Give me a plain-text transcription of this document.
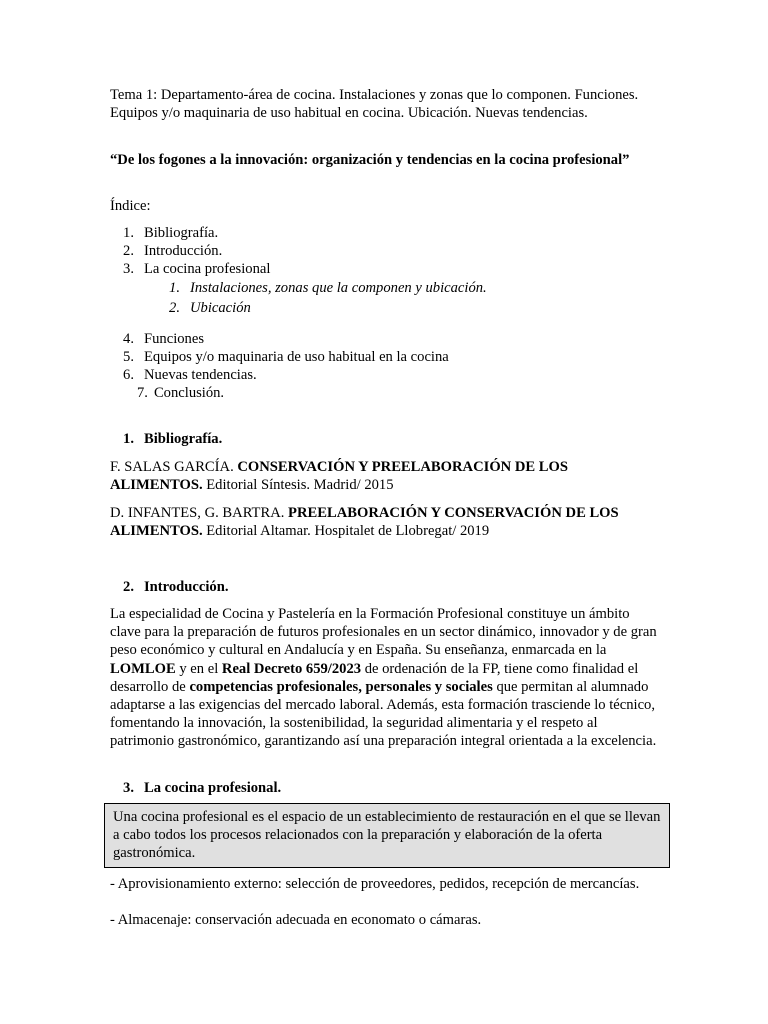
Tema 1: Departamento-área de cocina. Instalaciones y zonas que lo componen. Funciones. Equipos y/o maquinaria de uso habitual en cocina. Ubicación. Nuevas tendencias.

“De los fogones a la innovación: organización y tendencias en la cocina profesional”

Índice:

1. Bibliografía.
2. Introducción.
3. La cocina profesional
1. Instalaciones, zonas que la componen y ubicación.
2. Ubicación
4. Funciones
5. Equipos y/o maquinaria de uso habitual en la cocina
6. Nuevas tendencias.
7. Conclusión.
1. Bibliografía.

F. SALAS GARCÍA. CONSERVACIÓN Y PREELABORACIÓN DE LOS ALIMENTOS. Editorial Síntesis. Madrid/ 2015

D. INFANTES, G. BARTRA. PREELABORACIÓN Y CONSERVACIÓN DE LOS ALIMENTOS. Editorial Altamar. Hospitalet de Llobregat/ 2019

2. Introducción.

La especialidad de Cocina y Pastelería en la Formación Profesional constituye un ámbito clave para la preparación de futuros profesionales en un sector dinámico, innovador y de gran peso económico y cultural en Andalucía y en España. Su enseñanza, enmarcada en la LOMLOE y en el Real Decreto 659/2023 de ordenación de la FP, tiene como finalidad el desarrollo de competencias profesionales, personales y sociales que permitan al alumnado adaptarse a las exigencias del mercado laboral. Además, esta formación trasciende lo técnico, fomentando la innovación, la sostenibilidad, la seguridad alimentaria y el respeto al patrimonio gastronómico, garantizando así una preparación integral orientada a la excelencia.

3. La cocina profesional.
Una cocina profesional es el espacio de un establecimiento de restauración en el que se llevan a cabo todos los procesos relacionados con la preparación y elaboración de la oferta gastronómica.

- Aprovisionamiento externo: selección de proveedores, pedidos, recepción de mercancías.

- Almacenaje: conservación adecuada en economato o cámaras.
